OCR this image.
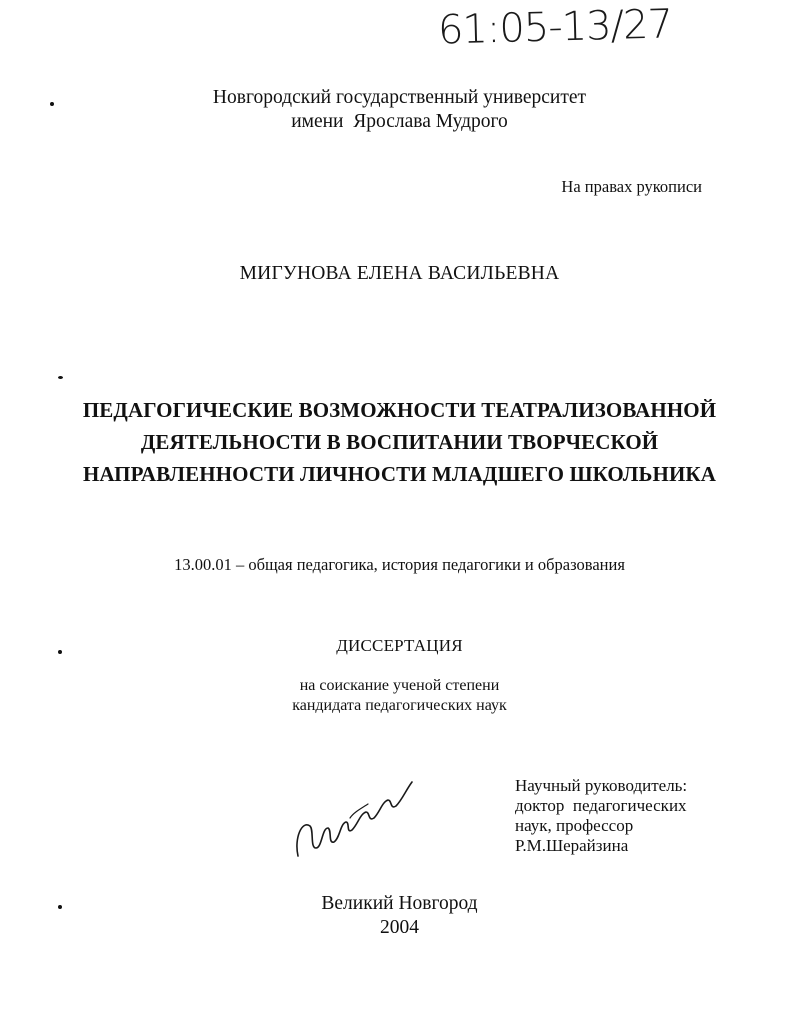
61:05-13/27
Новгородский государственный университет
имени  Ярослава Мудрого
На правах рукописи
МИГУНОВА ЕЛЕНА ВАСИЛЬЕВНА
ПЕДАГОГИЧЕСКИЕ ВОЗМОЖНОСТИ ТЕАТРАЛИЗОВАННОЙ
ДЕЯТЕЛЬНОСТИ В ВОСПИТАНИИ ТВОРЧЕСКОЙ
НАПРАВЛЕННОСТИ ЛИЧНОСТИ МЛАДШЕГО ШКОЛЬНИКА
13.00.01 – общая педагогика, история педагогики и образования
ДИССЕРТАЦИЯ
на соискание ученой степени
кандидата педагогических наук
Научный руководитель:
доктор  педагогических
наук, профессор
Р.М.Шерайзина
Великий Новгород
2004
